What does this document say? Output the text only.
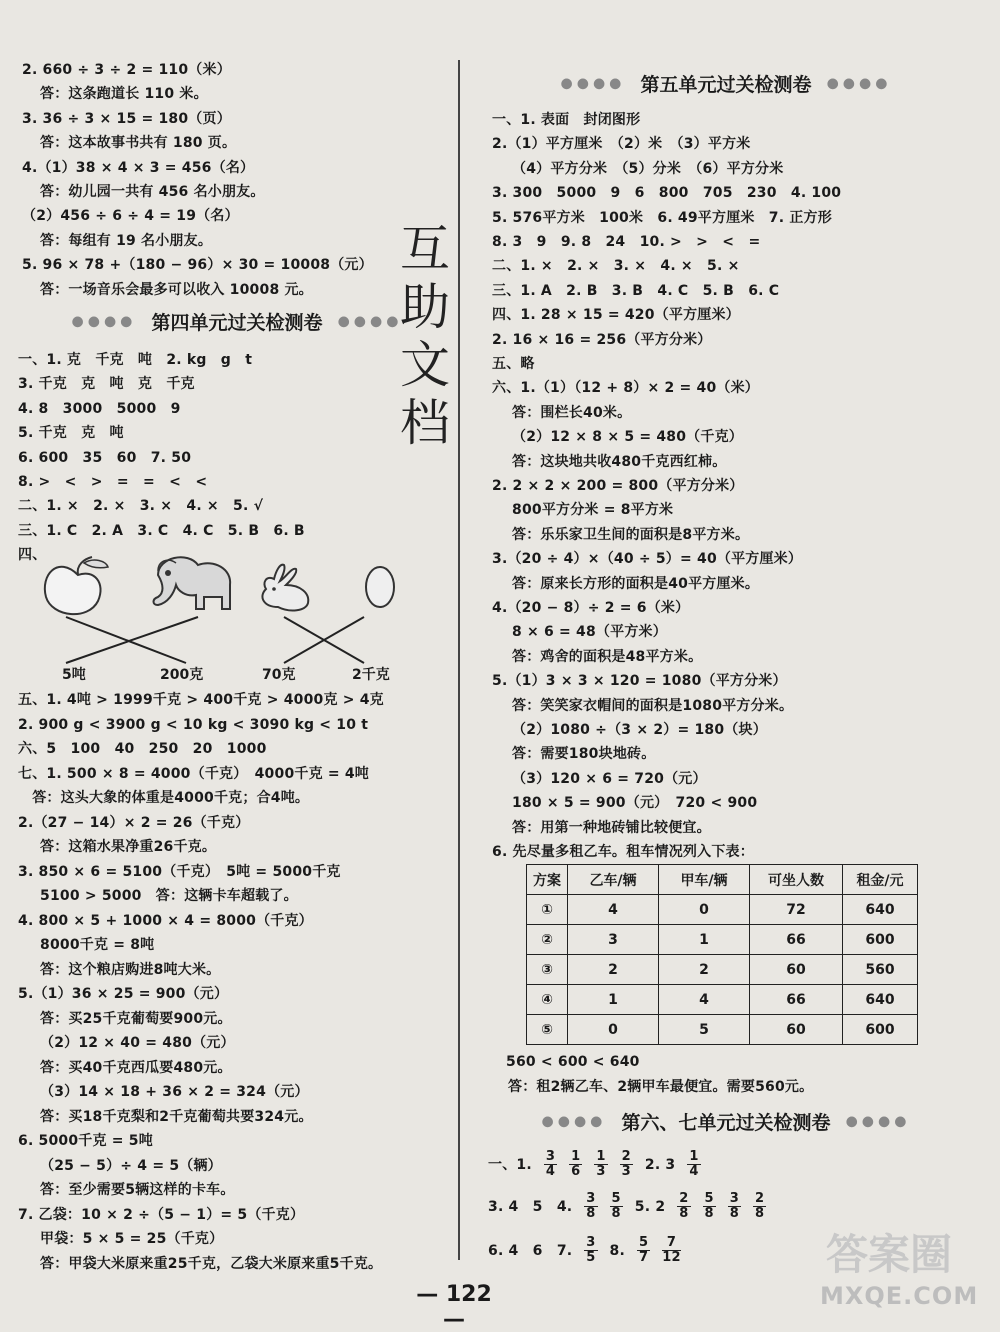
2. 660 ÷ 3 ÷ 2 = 110（米）
答：这条跑道长 110 米。
3. 36 ÷ 3 × 15 = 180（页）
答：这本故事书共有 180 页。
4.（1）38 × 4 × 3 = 456（名）
答：幼儿园一共有 456 名小朋友。
（2）456 ÷ 6 ÷ 4 = 19（名）
答：每组有 19 名小朋友。
5. 96 × 78 +（180 − 96）× 30 = 10008（元）
答：一场音乐会最多可以收入 10008 元。
●●●● 第四单元过关检测卷 ●●●●
一、1. 克　千克　吨　2. kg　g　t
3. 千克　克　吨　克　千克
4. 8　3000　5000　9
5. 千克　克　吨
6. 600　35　60　7. 50
8. >　<　>　=　=　<　<
二、1. ×　2. ×　3. ×　4. ×　5. √
三、1. C　2. A　3. C　4. C　5. B　6. B
四、
5吨	200克	70克	2千克
五、1. 4吨 > 1999千克 > 400千克 > 4000克 > 4克
2. 900 g < 3900 g < 10 kg < 3090 kg < 10 t
六、5　100　40　250　20　1000
七、1. 500 × 8 = 4000（千克）　4000千克 = 4吨
　答：这头大象的体重是4000千克；合4吨。
2.（27 − 14）× 2 = 26（千克）
答：这箱水果净重26千克。
3. 850 × 6 = 5100（千克）　5吨 = 5000千克
5100 > 5000　答：这辆卡车超载了。
4. 800 × 5 + 1000 × 4 = 8000（千克）
8000千克 = 8吨
答：这个粮店购进8吨大米。
5.（1）36 × 25 = 900（元）
答：买25千克葡萄要900元。
（2）12 × 40 = 480（元）
答：买40千克西瓜要480元。
（3）14 × 18 + 36 × 2 = 324（元）
答：买18千克梨和2千克葡萄共要324元。
6. 5000千克 = 5吨
（25 − 5）÷ 4 = 5（辆）
答：至少需要5辆这样的卡车。
7. 乙袋：10 × 2 ÷（5 − 1）= 5（千克）
甲袋：5 × 5 = 25（千克）
答：甲袋大米原来重25千克，乙袋大米原来重5千克。
互
助
文
档
●●●● 第五单元过关检测卷 ●●●●
一、1. 表面　封闭图形
2.（1）平方厘米　（2）米　（3）平方米
（4）平方分米　（5）分米　（6）平方分米
3. 300　5000　9　6　800　705　230　4. 100
5. 576平方米　100米　6. 49平方厘米　7. 正方形
8. 3　9　9. 8　24　10. >　>　<　=
二、1. ×　2. ×　3. ×　4. ×　5. ×
三、1. A　2. B　3. B　4. C　5. B　6. C
四、1. 28 × 15 = 420（平方厘米）
2. 16 × 16 = 256（平方分米）
五、略
六、1.（1）（12 + 8）× 2 = 40（米）
答：围栏长40米。
（2）12 × 8 × 5 = 480（千克）
答：这块地共收480千克西红柿。
2. 2 × 2 × 200 = 800（平方分米）
800平方分米 = 8平方米
答：乐乐家卫生间的面积是8平方米。
3.（20 ÷ 4）×（40 ÷ 5）= 40（平方厘米）
答：原来长方形的面积是40平方厘米。
4.（20 − 8）÷ 2 = 6（米）
8 × 6 = 48（平方米）
答：鸡舍的面积是48平方米。
5.（1）3 × 3 × 120 = 1080（平方分米）
答：笑笑家衣帽间的面积是1080平方分米。
（2）1080 ÷（3 × 2）= 180（块）
答：需要180块地砖。
（3）120 × 6 = 720（元）
180 × 5 = 900（元）　720 < 900
答：用第一种地砖铺比较便宜。
6. 先尽量多租乙车。租车情况列入下表：
方案	乙车/辆	甲车/辆	可坐人数	租金/元
①	4	0	72	640
②	3	1	66	600
③	2	2	60	560
④	1	4	66	640
⑤	0	5	60	600
560 < 600 < 640
答：租2辆乙车、2辆甲车最便宜。需要560元。
●●●● 第六、七单元过关检测卷 ●●●●
一、1. $\frac{3}{4} \frac{1}{6} \frac{1}{3} \frac{2}{3} 2$. $3 \frac{1}{4}$
3. 4　5　4. $\frac{3}{8} \frac{5}{8} 5$. $2 \frac{2}{8} \frac{5}{8} \frac{3}{8} \frac{2}{8}$
6. 4　6　7. $\frac{3}{5} 8$. $\frac{5}{7} \frac{7}{12}$
— 122 —
答案圈
MXQE.COM
